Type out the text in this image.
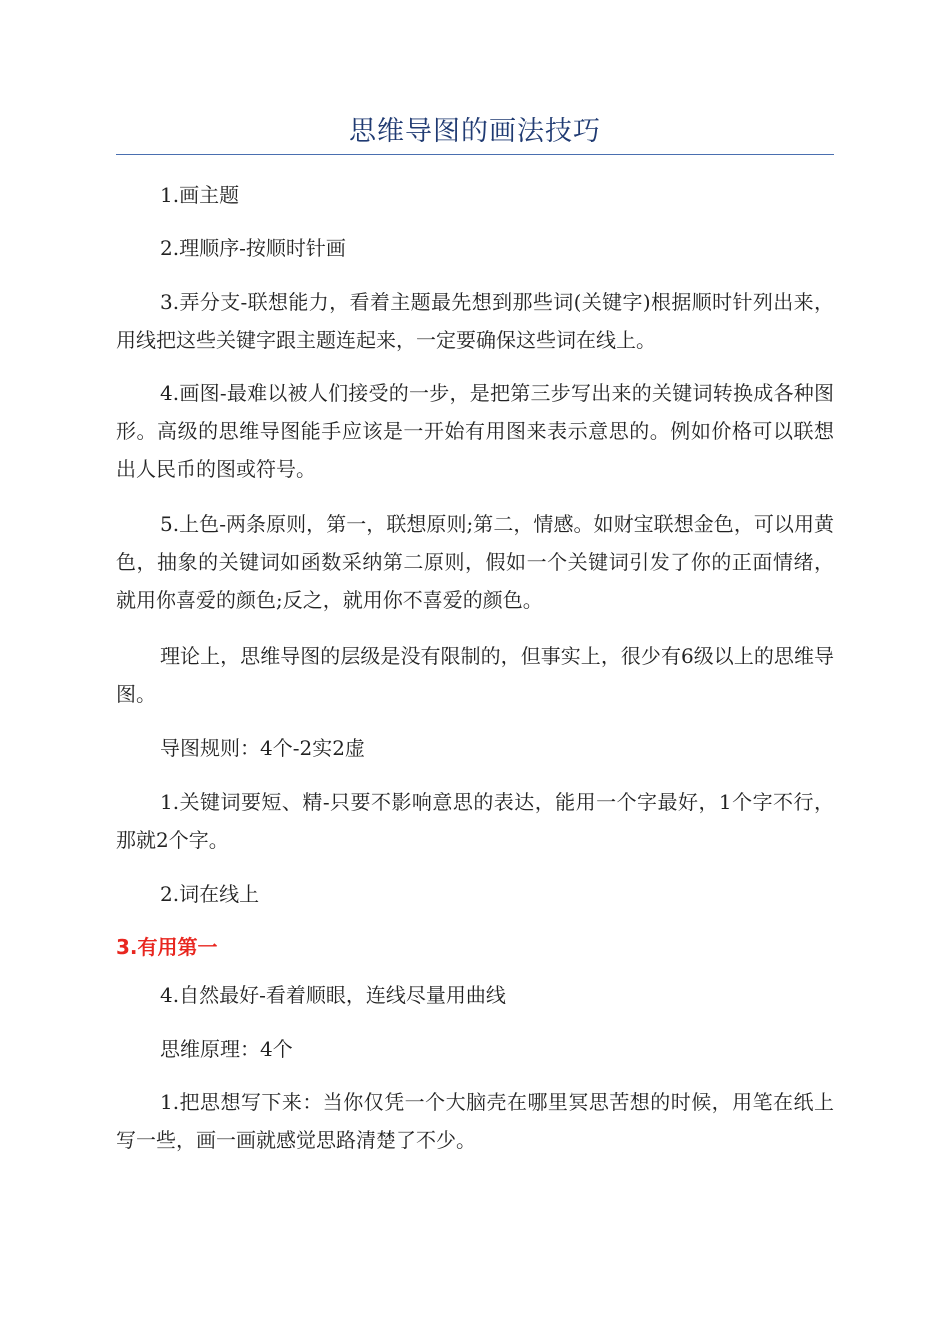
思维导图的画法技巧

1.画主题

2.理顺序-按顺时针画

3.弄分支-联想能力，看着主题最先想到那些词(关键字)根据顺时针列出来，用线把这些关键字跟主题连起来，一定要确保这些词在线上。

4.画图-最难以被人们接受的一步，是把第三步写出来的关键词转换成各种图形。高级的思维导图能手应该是一开始有用图来表示意思的。例如价格可以联想出人民币的图或符号。

5.上色-两条原则，第一，联想原则;第二，情感。如财宝联想金色，可以用黄色，抽象的关键词如函数采纳第二原则，假如一个关键词引发了你的正面情绪，就用你喜爱的颜色;反之，就用你不喜爱的颜色。

理论上，思维导图的层级是没有限制的，但事实上，很少有6级以上的思维导图。

导图规则：4个-2实2虚

1.关键词要短、精-只要不影响意思的表达，能用一个字最好，1个字不行，那就2个字。

2.词在线上

3.有用第一

4.自然最好-看着顺眼，连线尽量用曲线

思维原理：4个

1.把思想写下来：当你仅凭一个大脑壳在哪里冥思苦想的时候，用笔在纸上写一些，画一画就感觉思路清楚了不少。
